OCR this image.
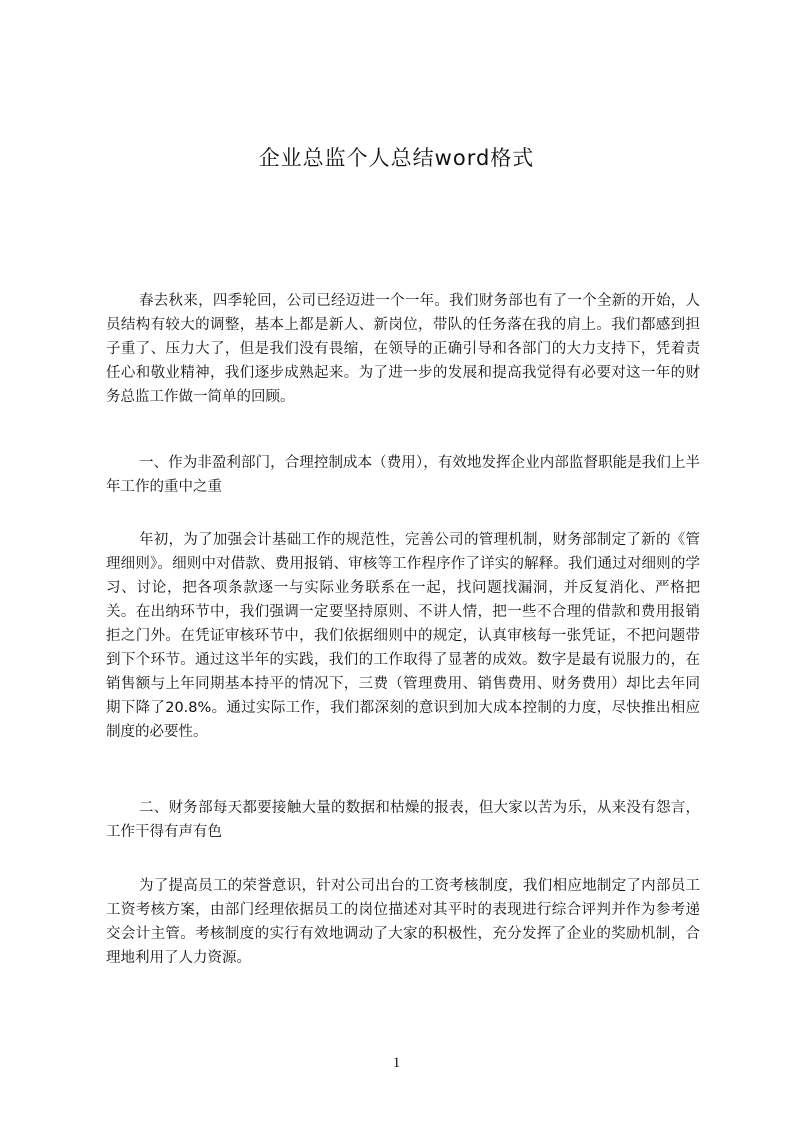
企业总监个人总结word格式

春去秋来，四季轮回，公司已经迈进一个一年。我们财务部也有了一个全新的开始，人员结构有较大的调整，基本上都是新人、新岗位，带队的任务落在我的肩上。我们都感到担子重了、压力大了，但是我们没有畏缩，在领导的正确引导和各部门的大力支持下，凭着责任心和敬业精神，我们逐步成熟起来。为了进一步的发展和提高我觉得有必要对这一年的财务总监工作做一简单的回顾。

一、作为非盈利部门，合理控制成本（费用），有效地发挥企业内部监督职能是我们上半年工作的重中之重

年初，为了加强会计基础工作的规范性，完善公司的管理机制，财务部制定了新的《管理细则》。细则中对借款、费用报销、审核等工作程序作了详实的解释。我们通过对细则的学习、讨论，把各项条款逐一与实际业务联系在一起，找问题找漏洞，并反复消化、严格把关。在出纳环节中，我们强调一定要坚持原则、不讲人情，把一些不合理的借款和费用报销拒之门外。在凭证审核环节中，我们依据细则中的规定，认真审核每一张凭证，不把问题带到下个环节。通过这半年的实践，我们的工作取得了显著的成效。数字是最有说服力的，在销售额与上年同期基本持平的情况下，三费（管理费用、销售费用、财务费用）却比去年同期下降了20.8%。通过实际工作，我们都深刻的意识到加大成本控制的力度，尽快推出相应制度的必要性。

二、财务部每天都要接触大量的数据和枯燥的报表，但大家以苦为乐，从来没有怨言，工作干得有声有色

为了提高员工的荣誉意识，针对公司出台的工资考核制度，我们相应地制定了内部员工工资考核方案，由部门经理依据员工的岗位描述对其平时的表现进行综合评判并作为参考递交会计主管。考核制度的实行有效地调动了大家的积极性，充分发挥了企业的奖励机制，合理地利用了人力资源。

1
